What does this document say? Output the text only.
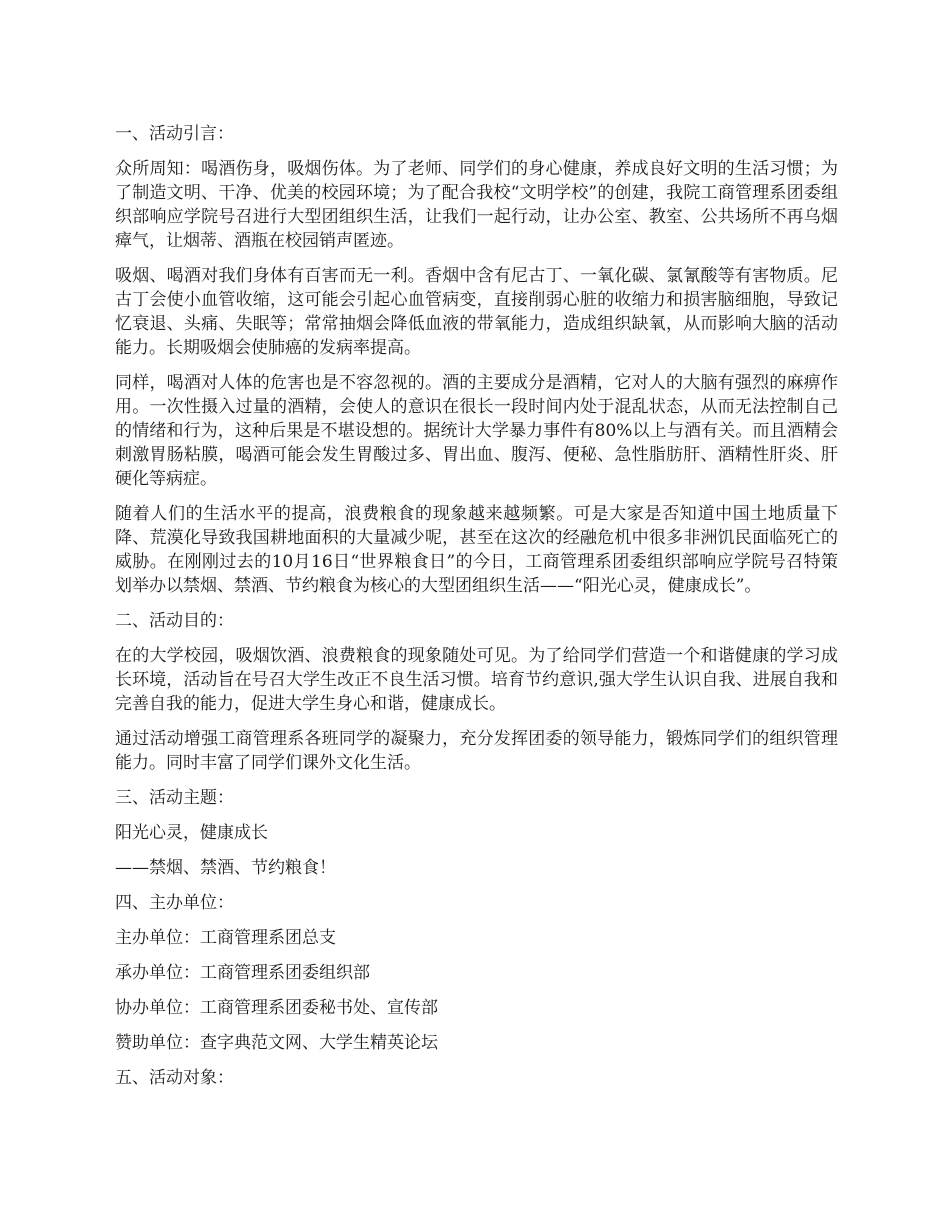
一、活动引言：

众所周知：喝酒伤身，吸烟伤体。为了老师、同学们的身心健康，养成良好文明的生活习惯；为了制造文明、干净、优美的校园环境；为了配合我校“文明学校”的创建，我院工商管理系团委组织部响应学院号召进行大型团组织生活，让我们一起行动，让办公室、教室、公共场所不再乌烟瘴气，让烟蒂、酒瓶在校园销声匿迹。

吸烟、喝酒对我们身体有百害而无一利。香烟中含有尼古丁、一氧化碳、氯氰酸等有害物质。尼古丁会使小血管收缩，这可能会引起心血管病变，直接削弱心脏的收缩力和损害脑细胞，导致记忆衰退、头痛、失眠等；常常抽烟会降低血液的带氧能力，造成组织缺氧，从而影响大脑的活动能力。长期吸烟会使肺癌的发病率提高。

同样，喝酒对人体的危害也是不容忽视的。酒的主要成分是酒精，它对人的大脑有强烈的麻痹作用。一次性摄入过量的酒精，会使人的意识在很长一段时间内处于混乱状态，从而无法控制自己的情绪和行为，这种后果是不堪设想的。据统计大学暴力事件有80%以上与酒有关。而且酒精会刺激胃肠粘膜，喝酒可能会发生胃酸过多、胃出血、腹泻、便秘、急性脂肪肝、酒精性肝炎、肝硬化等病症。

随着人们的生活水平的提高，浪费粮食的现象越来越频繁。可是大家是否知道中国土地质量下降、荒漠化导致我国耕地面积的大量减少呢，甚至在这次的经融危机中很多非洲饥民面临死亡的威胁。在刚刚过去的10月16日“世界粮食日”的今日，工商管理系团委组织部响应学院号召特策划举办以禁烟、禁酒、节约粮食为核心的大型团组织生活——“阳光心灵，健康成长”。

二、活动目的：

在的大学校园，吸烟饮酒、浪费粮食的现象随处可见。为了给同学们营造一个和谐健康的学习成长环境，活动旨在号召大学生改正不良生活习惯。培育节约意识,强大学生认识自我、进展自我和完善自我的能力，促进大学生身心和谐，健康成长。

通过活动增强工商管理系各班同学的凝聚力，充分发挥团委的领导能力，锻炼同学们的组织管理能力。同时丰富了同学们课外文化生活。

三、活动主题：

阳光心灵，健康成长

——禁烟、禁酒、节约粮食！

四、主办单位：

主办单位：工商管理系团总支

承办单位：工商管理系团委组织部

协办单位：工商管理系团委秘书处、宣传部

赞助单位：查字典范文网、大学生精英论坛

五、活动对象：
